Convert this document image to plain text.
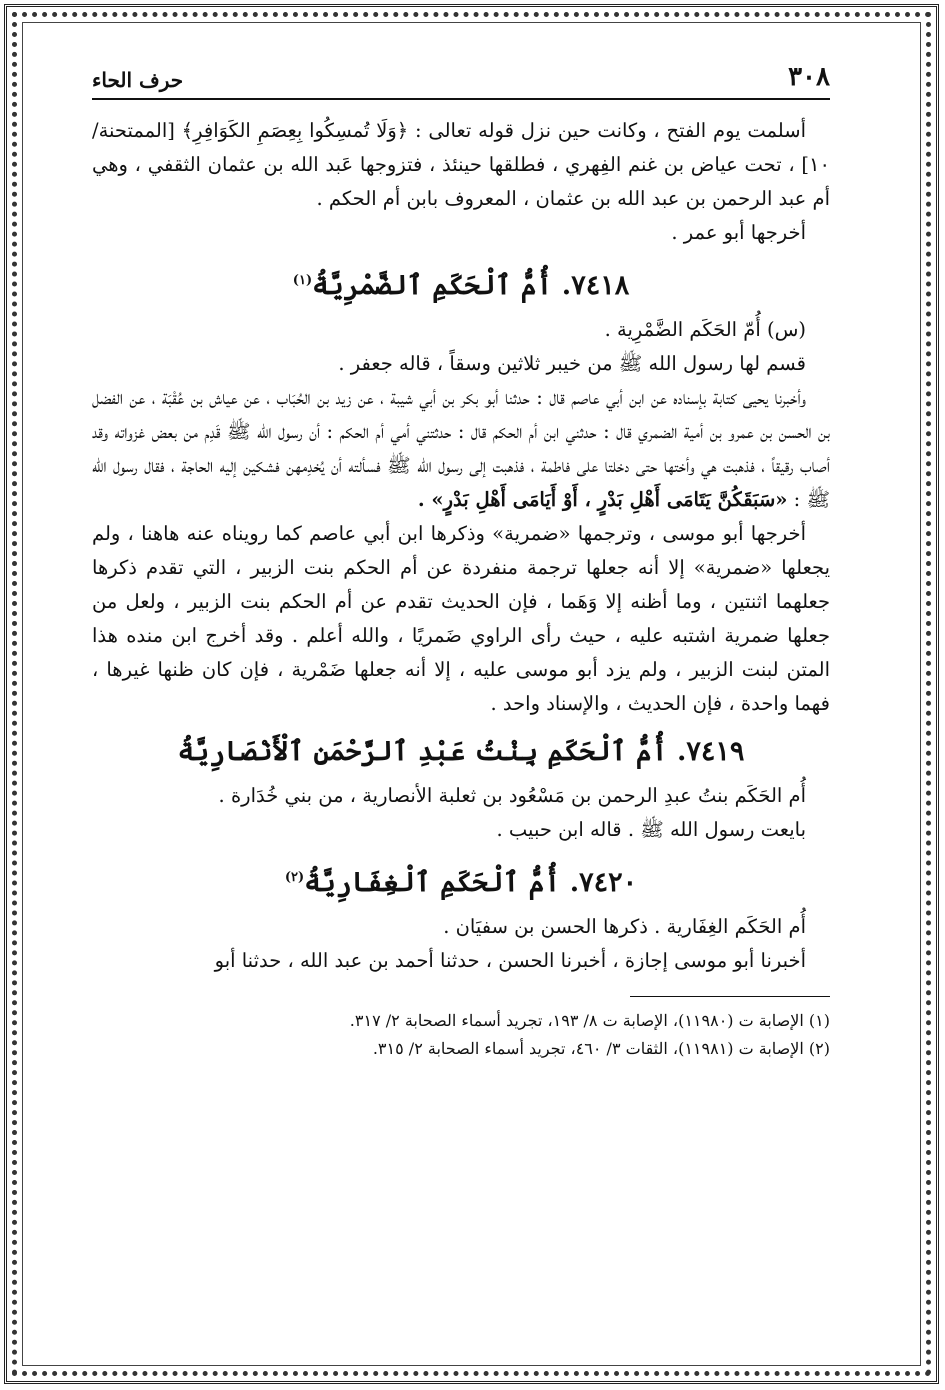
٣٠٨
حرف الحاء

أسلمت يوم الفتح ، وكانت حين نزل قوله تعالى : ﴿وَلَا تُمسِكُوا بِعِصَمِ الكَوَافِرِ﴾ [الممتحنة/ ١٠] ، تحت عياض بن غنم الفِهري ، فطلقها حينئذ ، فتزوجها عَبد الله بن عثمان الثقفي ، وهي أم عبد الرحمن بن عبد الله بن عثمان ، المعروف بابن أم الحكم .

أخرجها أبو عمر .

٧٤١٨. أُمُّ ٱلْحَكَمِ ٱلضَّمْرِيَّةُ$^{(١)}$

(س) أُمّ الحَكَم الضَّمْرِية .

قسم لها رسول الله ﷺ من خيبر ثلاثين وسقاً ، قاله جعفر .

وأخبرنا يحيى كتابة بإسناده عن ابن أبي عاصم قال : حدثنا أبو بكر بن أبي شيبة ، عن زيد بن الحُبَاب ، عن عياش بن عُقْبَة ، عن الفضل بن الحسن بن عمرو بن أمية الضمري قال : حدثني ابن أم الحكم قال : حدثتني أمي أم الحكم : أن رسول الله ﷺ قَدِم من بعض غزواته وقد أصاب رقيقاً ، فذهبت هي وأختها حتى دخلتا على فاطمة ، فذهبت إلى رسول الله ﷺ فسألته أن يُخدِمهن فشكين إليه الحاجة ، فقال رسول الله ﷺ : «سَبَقَكُنَّ يَتَامَى أَهْلِ بَدْرٍ ، أَوْ أَيَامَى أَهْلِ بَدْرٍ» .

أخرجها أبو موسى ، وترجمها «ضمرية» وذكرها ابن أبي عاصم كما رويناه عنه هاهنا ، ولم يجعلها «ضمرية» إلا أنه جعلها ترجمة منفردة عن أم الحكم بنت الزبير ، التي تقدم ذكرها جعلهما اثنتين ، وما أظنه إلا وَهَما ، فإن الحديث تقدم عن أم الحكم بنت الزبير ، ولعل من جعلها ضمرية اشتبه عليه ، حيث رأى الراوي ضَمريًا ، والله أعلم . وقد أخرج ابن منده هذا المتن لبنت الزبير ، ولم يزد أبو موسى عليه ، إلا أنه جعلها ضَمْرية ، فإن كان ظنها غيرها ، فهما واحدة ، فإن الحديث ، والإسناد واحد .

٧٤١٩. أُمُّ ٱلْحَكَمِ بِنْتُ عَبْدِ ٱلرَّحْمَنِ ٱلْأَنْصَارِيَّةُ

أُم الحَكَم بنتُ عبدِ الرحمن بن مَسْعُود بن ثعلبة الأنصارية ، من بني خُدَارة .

بايعت رسول الله ﷺ . قاله ابن حبيب .

٧٤٢٠. أُمُّ ٱلْحَكَمِ ٱلْغِفَارِيَّةُ$^{(٢)}$

أُم الحَكَم الغِفَارية . ذكرها الحسن بن سفيَان .

أخبرنا أبو موسى إجازة ، أخبرنا الحسن ، حدثنا أحمد بن عبد الله ، حدثنا أبو

(١) الإصابة ت (١١٩٨٠)، الإصابة ت ٨/ ١٩٣، تجريد أسماء الصحابة ٢/ ٣١٧.

(٢) الإصابة ت (١١٩٨١)، الثقات ٣/ ٤٦٠، تجريد أسماء الصحابة ٢/ ٣١٥.
